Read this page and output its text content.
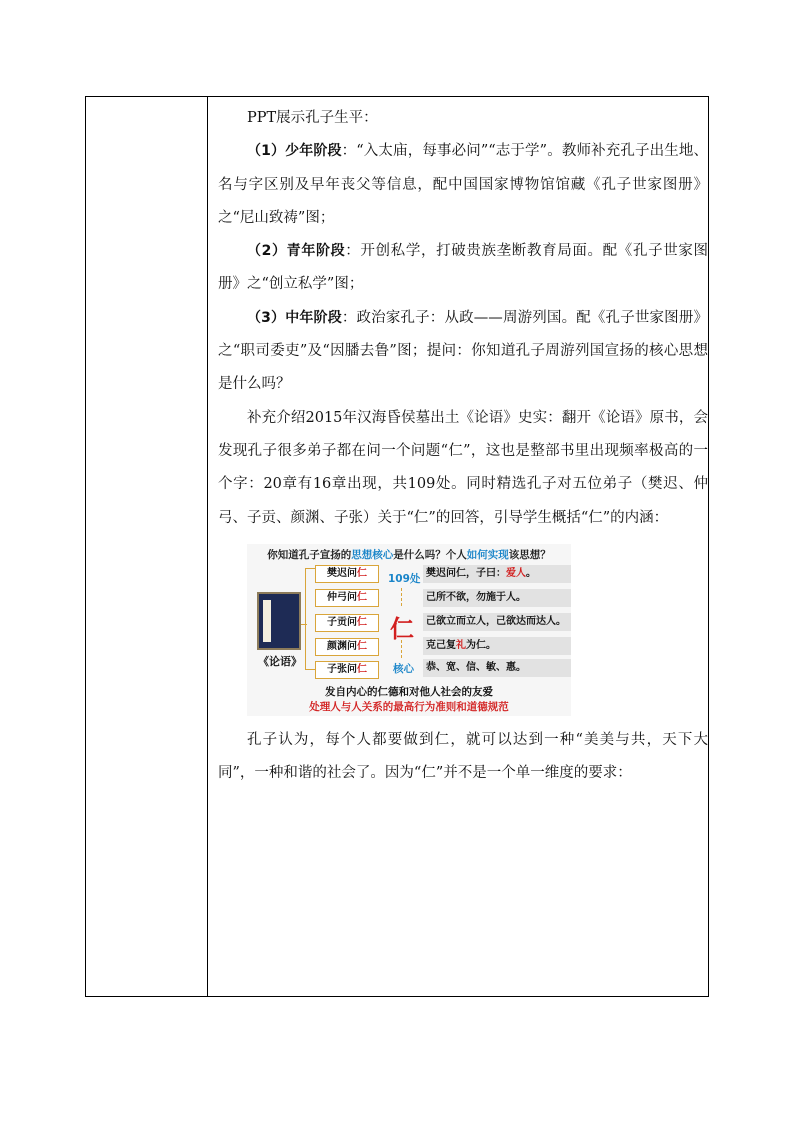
PPT展示孔子生平：

（1）少年阶段：“入太庙，每事必问”“志于学”。教师补充孔子出生地、名与字区别及早年丧父等信息，配中国国家博物馆馆藏《孔子世家图册》之“尼山致祷”图；

（2）青年阶段：开创私学，打破贵族垄断教育局面。配《孔子世家图册》之“创立私学”图；

（3）中年阶段：政治家孔子：从政——周游列国。配《孔子世家图册》之“职司委吏”及“因膰去鲁”图；提问：你知道孔子周游列国宣扬的核心思想是什么吗？

补充介绍2015年汉海昏侯墓出土《论语》史实：翻开《论语》原书，会发现孔子很多弟子都在问一个问题“仁”，这也是整部书里出现频率极高的一个字：20章有16章出现，共109处。同时精选孔子对五位弟子（樊迟、仲弓、子贡、颜渊、子张）关于“仁”的回答，引导学生概括“仁”的内涵：

你知道孔子宣扬的思想核心是什么吗？个人如何实现该思想？
《论语》
樊迟问仁
仲弓问仁
子贡问仁
颜渊问仁
子张问仁
109处
仁
核心
樊迟问仁，子曰：爱人。
己所不欲，勿施于人。
己欲立而立人，己欲达而达人。
克己复礼为仁。
恭、宽、信、敏、惠。
发自内心的仁德和对他人社会的友爱
处理人与人关系的最高行为准则和道德规范

孔子认为，每个人都要做到仁，就可以达到一种“美美与共，天下大同”，一种和谐的社会了。因为“仁”并不是一个单一维度的要求：
